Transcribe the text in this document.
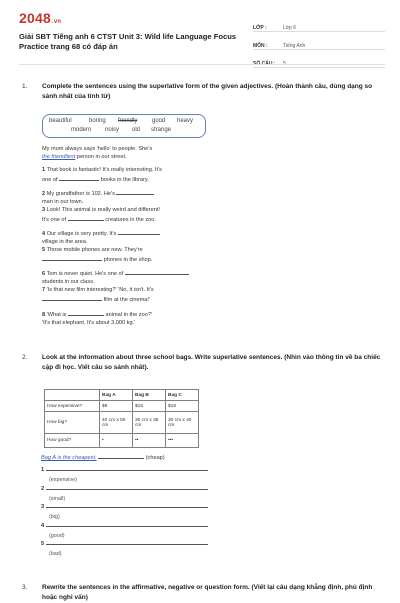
2048.vn
Giải SBT Tiếng anh 6 CTST Unit 3: Wild life Language Focus Practice trang 68 có đáp án
LỚP :	Lớp 6
MÔN :	Tiếng Anh
SỐ CÂU :	5
1. Complete the sentences using the superlative form of the given adjectives. (Hoàn thành câu, dùng dạng so sánh nhất của tính từ)
beautiful	boring friendly good heavy
modern noisy old strange
My mum always says 'hello' to people. She's
the friendliest person in our street.
1 That book is fantastic! It's really interesting. It's
one of	books in the library.
2 My grandfather is 102. He's
man in our town.
3 Look! This animal is really weird and different!
It's one of	creatures in the zoo.
4 Our village is very pretty. It's
village in the area.
5 Those mobile phones are new. They're
phones in the shop.
6 Tom is never quiet. He's one of
students in our class.
7 'Is that new film interesting?' 'No, it isn't. It's
film at the cinema!'
8 'What is	animal in the zoo?'
'It's that elephant. It's about 3,000 kg.'
2. Look at the information about three school bags. Write superlative sentences. (Nhìn vào thông tin về ba chiếc cặp đi học. Viết câu so sánh nhất).
	Bag A	Bag B	Bag C
How expensive?	$9	$15	$18
How big?	40 cm x 50 cm	30 cm x 35 cm	30 cm x 40 cm
How good?	•	••	•••
Bag A is the cheapest.	(cheap)
1
(expensive)
2
(small)
3
(big)
4
(good)
5
(bad)
3. Rewrite the sentences in the affirmative, negative or question form. (Viết lại câu dạng khẳng định, phủ định hoặc nghi vấn)
